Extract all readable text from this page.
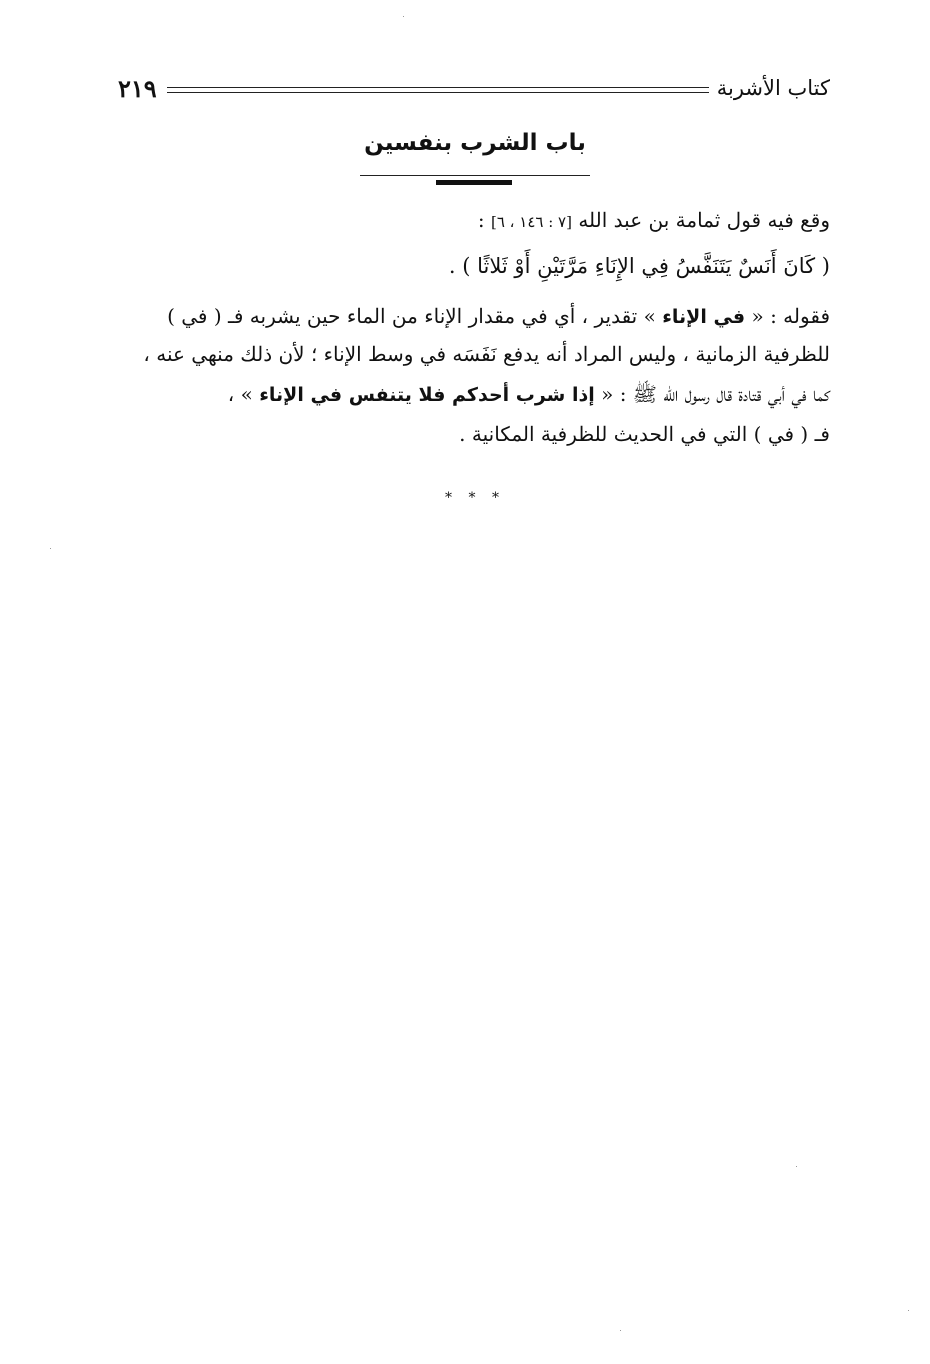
كتاب الأشربة
٢١٩
باب الشرب بنفسين
وقع فيه قول ثمامة بن عبد الله [٧ : ١٤٦ ، ٦] :
( كَانَ أَنَسٌ يَتَنَفَّسُ فِي الإِنَاءِ مَرَّتَيْنِ أَوْ ثَلاثًا ) .
فقوله : « في الإناء » تقدير ، أي في مقدار الإناء من الماء حين يشربه فـ ( في )
للظرفية الزمانية ، وليس المراد أنه يدفع نَفَسَه في وسط الإناء ؛ لأن ذلك منهي عنه ،
كما في أبي قتادة قال رسول الله ﷺ : « إذا شرب أحدكم فلا يتنفس في الإناء » ،
فـ ( في ) التي في الحديث للظرفية المكانية .
* * *
